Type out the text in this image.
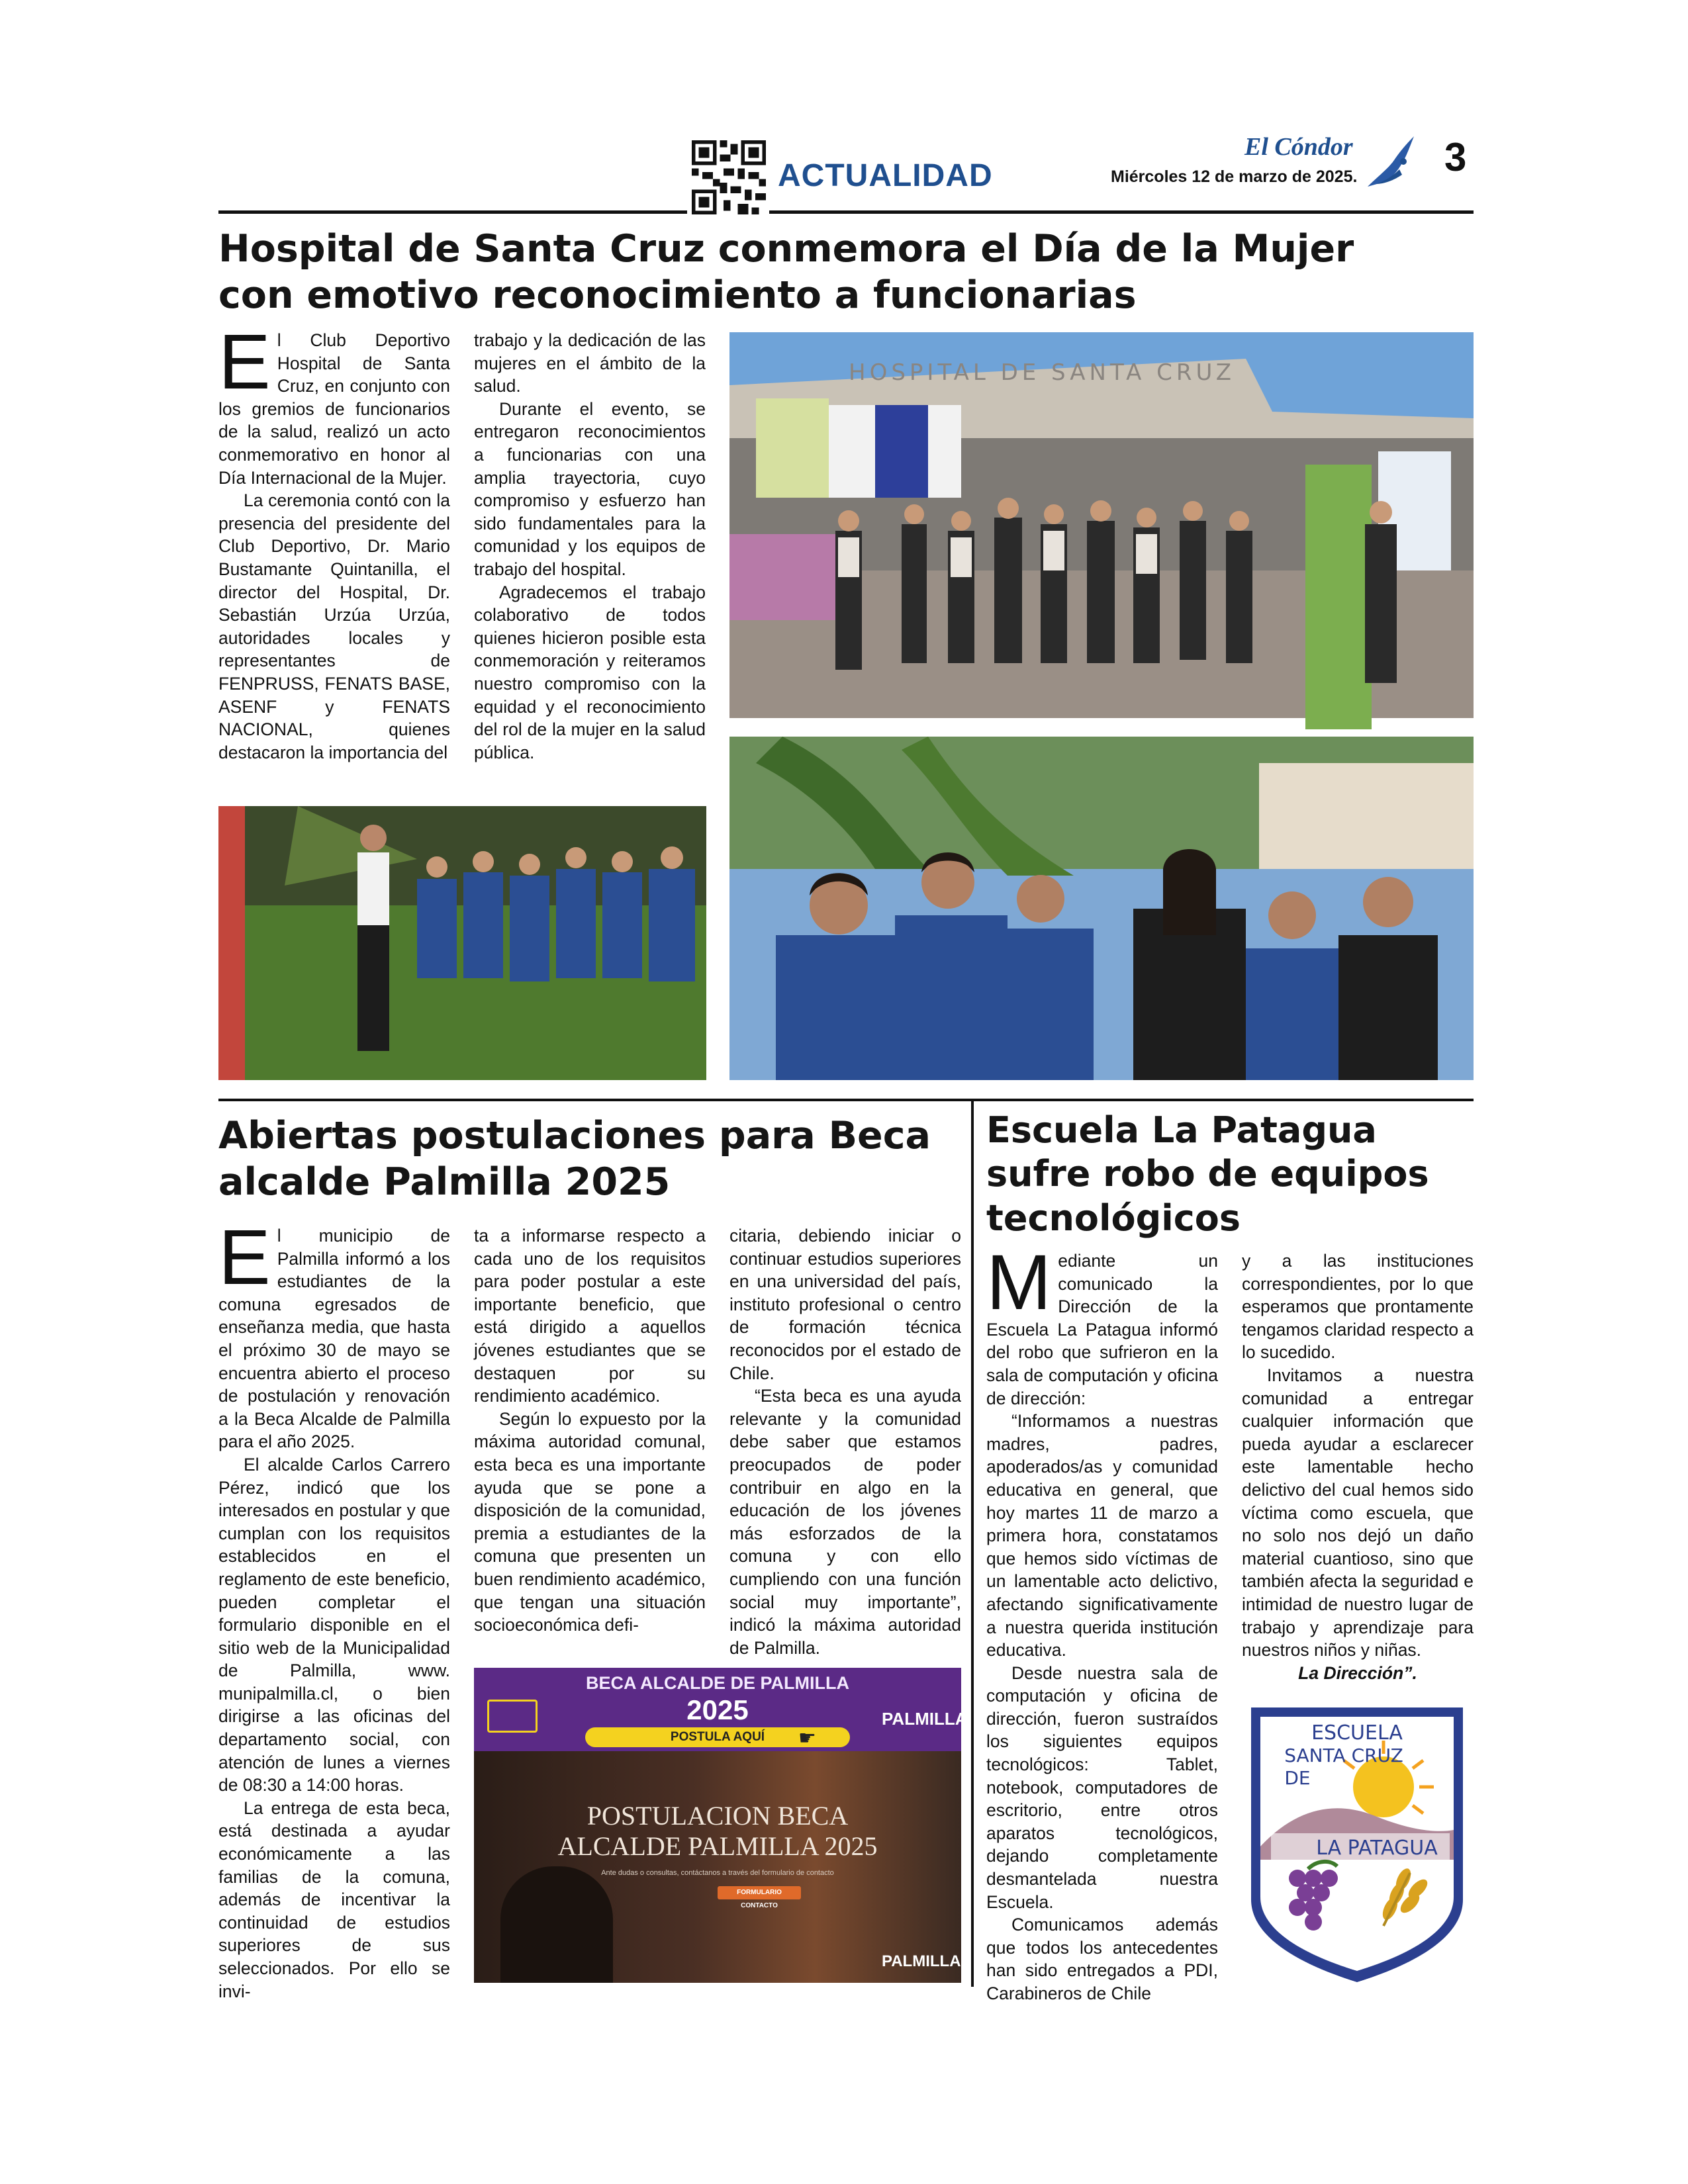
ACTUALIDAD
El Cóndor
Miércoles 12 de marzo de 2025. 3
Hospital de Santa Cruz conmemora el Día de la Mujer con emotivo reconocimiento a funcionarias

El Club Deportivo Hospital de Santa Cruz, en conjunto con los gremios de funcionarios de la salud, realizó un acto conmemorativo en honor al Día Internacional de la Mujer.

La ceremonia contó con la presencia del presidente del Club Deportivo, Dr. Mario Bustamante Quintanilla, el director del Hospital, Dr. Sebastián Urzúa Urzúa, autoridades locales y representantes de FENPRUSS, FENATS BASE, ASENF y FENATS NACIONAL, quienes destacaron la importancia del

trabajo y la dedicación de las mujeres en el ámbito de la salud.

Durante el evento, se entregaron reconocimientos a funcionarias con una amplia trayectoria, cuyo compromiso y esfuerzo han sido fundamentales para la comunidad y los equipos de trabajo del hospital.

Agradecemos el trabajo colaborativo de todos quienes hicieron posible esta conmemoración y reiteramos nuestro compromiso con la equidad y el reconocimiento del rol de la mujer en la salud pública.

HOSPITAL DE SANTA CRUZ
Abiertas postulaciones para Beca alcalde Palmilla 2025

El municipio de Palmilla informó a los estudiantes de la comuna egresados de enseñanza media, que hasta el próximo 30 de mayo se encuentra abierto el proceso de postulación y renovación a la Beca Alcalde de Palmilla para el año 2025.

El alcalde Carlos Carrero Pérez, indicó que los interesados en postular y que cumplan con los requisitos establecidos en el reglamento de este beneficio, pueden completar el formulario disponible en el sitio web de la Municipalidad de Palmilla, www. munipalmilla.cl, o bien dirigirse a las oficinas del departamento social, con atención de lunes a viernes de 08:30 a 14:00 horas.

La entrega de esta beca, está destinada a ayudar económicamente a las familias de la comuna, además de incentivar la continuidad de estudios superiores de sus seleccionados. Por ello se invi-

ta a informarse respecto a cada uno de los requisitos para poder postular a este importante beneficio, que está dirigido a aquellos jóvenes estudiantes que se destaquen por su rendimiento académico.

Según lo expuesto por la máxima autoridad comunal, esta beca es una importante ayuda que se pone a disposición de la comunidad, premia a estudiantes de la comuna que presenten un buen rendimiento académico, que tengan una situación socioeconómica defi-

citaria, debiendo iniciar o continuar estudios superiores en una universidad del país, instituto profesional o centro de formación técnica reconocidos por el estado de Chile.

“Esta beca es una ayuda relevante y la comunidad debe saber que estamos preocupados de poder contribuir en algo en la educación de los jóvenes más esforzados de la comuna y con ello cumpliendo con una función social muy importante”, indicó la máxima autoridad de Palmilla.

BECA ALCALDE DE PALMILLA
2025
POSTULA AQUÍ	☛
PALMILLA
POSTULACION BECA
ALCALDE PALMILLA 2025
Ante dudas o consultas, contáctanos a través del formulario de contacto
FORMULARIO CONTACTO
PALMILLA
Escuela La Patagua sufre robo de equipos tecnológicos

Mediante un comunicado la Dirección de la Escuela La Patagua informó del robo que sufrieron en la sala de computación y oficina de dirección:

“Informamos a nuestras madres, padres, apoderados/as y comunidad educativa en general, que hoy martes 11 de marzo a primera hora, constatamos que hemos sido víctimas de un lamentable acto delictivo, afectando significativamente a nuestra querida institución educativa.

Desde nuestra sala de computación y oficina de dirección, fueron sustraídos los siguientes equipos tecnológicos: Tablet, notebook, computadores de escritorio, entre otros aparatos tecnológicos, dejando completamente desmantelada nuestra Escuela.

Comunicamos además que todos los antecedentes han sido entregados a PDI, Carabineros de Chile

y a las instituciones correspondientes, por lo que esperamos que prontamente tengamos claridad respecto a lo sucedido.

Invitamos a nuestra comunidad a entregar cualquier información que pueda ayudar a esclarecer este lamentable hecho delictivo del cual hemos sido víctima como escuela, que no solo nos dejó un daño material cuantioso, sino que también afecta la seguridad e intimidad de nuestro lugar de trabajo y aprendizaje para nuestros niños y niñas.

La Dirección”.

ESCUELA
SANTA CRUZ
DE
LA PATAGUA
